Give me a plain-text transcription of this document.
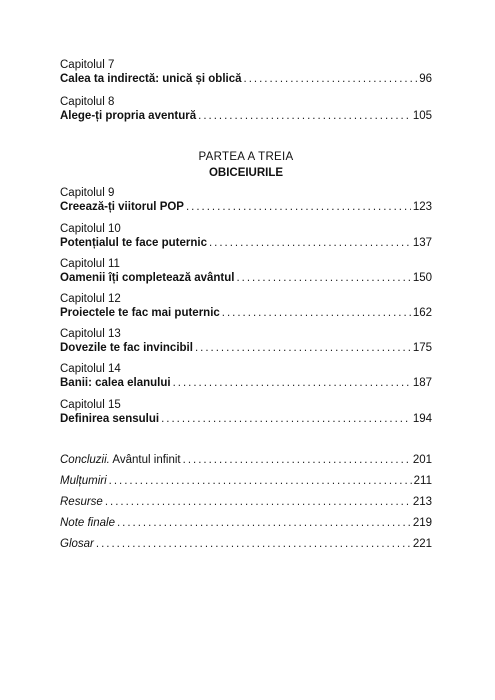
Capitolul 7
Calea ta indirectă: unică și oblică . . .	96
Capitolul 8
Alege-ți propria aventură . . .	105
PARTEA A TREIA
OBICEIURILE
Capitolul 9
Creează-ți viitorul POP . . .	123
Capitolul 10
Potențialul te face puternic . . .	137
Capitolul 11
Oamenii îți completează avântul . . .	150
Capitolul 12
Proiectele te fac mai puternic . . .	162
Capitolul 13
Dovezile te fac invincibil . . .	175
Capitolul 14
Banii: calea elanului . . .	187
Capitolul 15
Definirea sensului . . .	194
Concluzii. Avântul infinit . . .	201
Mulțumiri . . .	211
Resurse . . .	213
Note finale . . .	219
Glosar . . .	221
